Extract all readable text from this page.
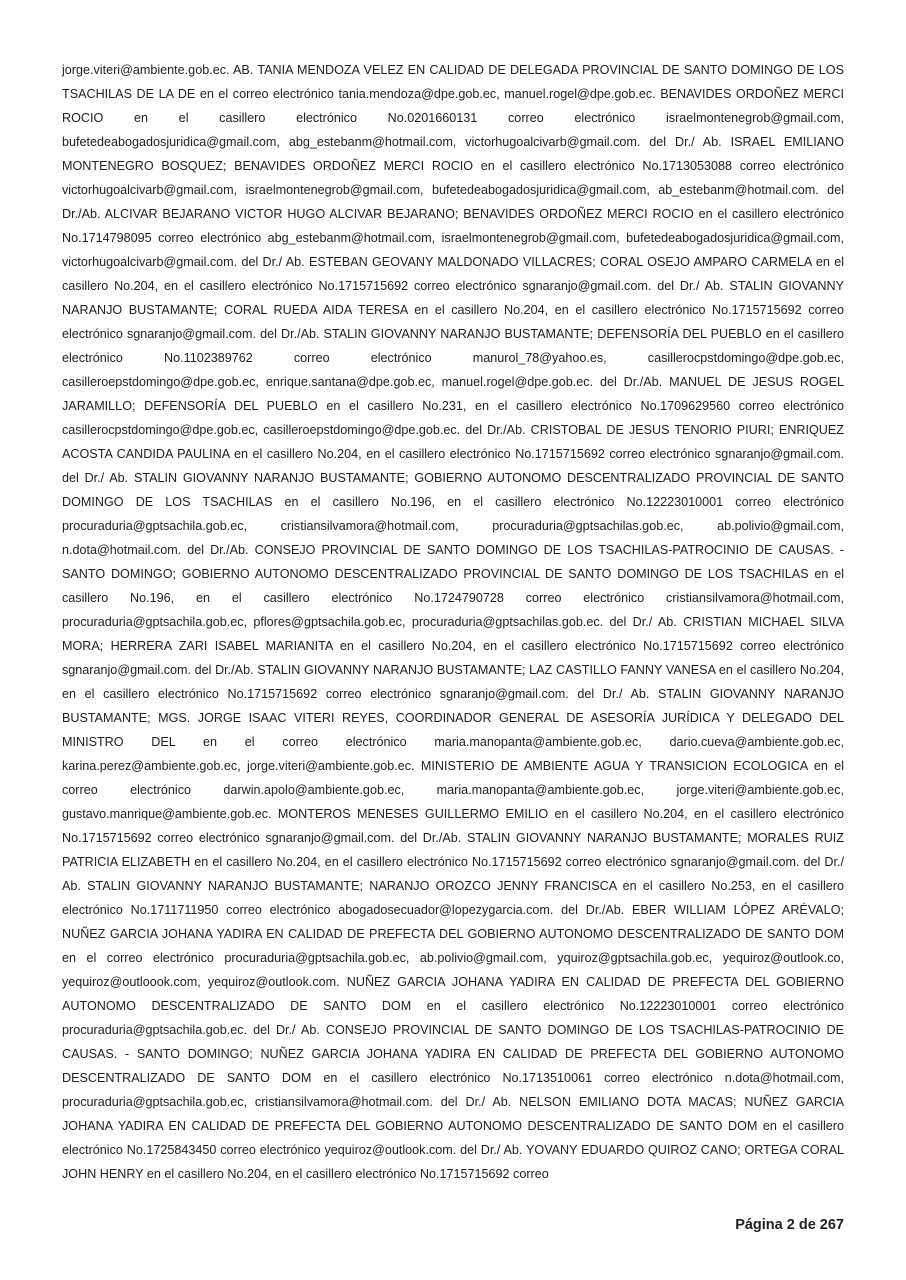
jorge.viteri@ambiente.gob.ec. AB. TANIA MENDOZA VELEZ EN CALIDAD DE DELEGADA PROVINCIAL DE SANTO DOMINGO DE LOS TSACHILAS DE LA DE en el correo electrónico tania.mendoza@dpe.gob.ec, manuel.rogel@dpe.gob.ec. BENAVIDES ORDOÑEZ MERCI ROCIO en el casillero electrónico No.0201660131 correo electrónico israelmontenegrob@gmail.com, bufetedeabogadosjuridica@gmail.com, abg_estebanm@hotmail.com, victorhugoalcivarb@gmail.com. del Dr./ Ab. ISRAEL EMILIANO MONTENEGRO BOSQUEZ; BENAVIDES ORDOÑEZ MERCI ROCIO en el casillero electrónico No.1713053088 correo electrónico victorhugoalcivarb@gmail.com, israelmontenegrob@gmail.com, bufetedeabogadosjuridica@gmail.com, ab_estebanm@hotmail.com. del Dr./Ab. ALCIVAR BEJARANO VICTOR HUGO ALCIVAR BEJARANO; BENAVIDES ORDOÑEZ MERCI ROCIO en el casillero electrónico No.1714798095 correo electrónico abg_estebanm@hotmail.com, israelmontenegrob@gmail.com, bufetedeabogadosjuridica@gmail.com, victorhugoalcivarb@gmail.com. del Dr./ Ab. ESTEBAN GEOVANY MALDONADO VILLACRES; CORAL OSEJO AMPARO CARMELA en el casillero No.204, en el casillero electrónico No.1715715692 correo electrónico sgnaranjo@gmail.com. del Dr./ Ab. STALIN GIOVANNY NARANJO BUSTAMANTE; CORAL RUEDA AIDA TERESA en el casillero No.204, en el casillero electrónico No.1715715692 correo electrónico sgnaranjo@gmail.com. del Dr./Ab. STALIN GIOVANNY NARANJO BUSTAMANTE; DEFENSORÍA DEL PUEBLO en el casillero electrónico No.1102389762 correo electrónico manurol_78@yahoo.es, casillerocpstdomingo@dpe.gob.ec, casilleroepstdomingo@dpe.gob.ec, enrique.santana@dpe.gob.ec, manuel.rogel@dpe.gob.ec. del Dr./Ab. MANUEL DE JESUS ROGEL JARAMILLO; DEFENSORÍA DEL PUEBLO en el casillero No.231, en el casillero electrónico No.1709629560 correo electrónico casillerocpstdomingo@dpe.gob.ec, casilleroepstdomingo@dpe.gob.ec. del Dr./Ab. CRISTOBAL DE JESUS TENORIO PIURI; ENRIQUEZ ACOSTA CANDIDA PAULINA en el casillero No.204, en el casillero electrónico No.1715715692 correo electrónico sgnaranjo@gmail.com. del Dr./ Ab. STALIN GIOVANNY NARANJO BUSTAMANTE; GOBIERNO AUTONOMO DESCENTRALIZADO PROVINCIAL DE SANTO DOMINGO DE LOS TSACHILAS en el casillero No.196, en el casillero electrónico No.12223010001 correo electrónico procuraduria@gptsachila.gob.ec, cristiansilvamora@hotmail.com, procuraduria@gptsachilas.gob.ec, ab.polivio@gmail.com, n.dota@hotmail.com. del Dr./Ab. CONSEJO PROVINCIAL DE SANTO DOMINGO DE LOS TSACHILAS-PATROCINIO DE CAUSAS. - SANTO DOMINGO; GOBIERNO AUTONOMO DESCENTRALIZADO PROVINCIAL DE SANTO DOMINGO DE LOS TSACHILAS en el casillero No.196, en el casillero electrónico No.1724790728 correo electrónico cristiansilvamora@hotmail.com, procuraduria@gptsachila.gob.ec, pflores@gptsachila.gob.ec, procuraduria@gptsachilas.gob.ec. del Dr./ Ab. CRISTIAN MICHAEL SILVA MORA; HERRERA ZARI ISABEL MARIANITA en el casillero No.204, en el casillero electrónico No.1715715692 correo electrónico sgnaranjo@gmail.com. del Dr./Ab. STALIN GIOVANNY NARANJO BUSTAMANTE; LAZ CASTILLO FANNY VANESA en el casillero No.204, en el casillero electrónico No.1715715692 correo electrónico sgnaranjo@gmail.com. del Dr./ Ab. STALIN GIOVANNY NARANJO BUSTAMANTE; MGS. JORGE ISAAC VITERI REYES, COORDINADOR GENERAL DE ASESORÍA JURÍDICA Y DELEGADO DEL MINISTRO DEL en el correo electrónico maria.manopanta@ambiente.gob.ec, dario.cueva@ambiente.gob.ec, karina.perez@ambiente.gob.ec, jorge.viteri@ambiente.gob.ec. MINISTERIO DE AMBIENTE AGUA Y TRANSICION ECOLOGICA en el correo electrónico darwin.apolo@ambiente.gob.ec, maria.manopanta@ambiente.gob.ec, jorge.viteri@ambiente.gob.ec, gustavo.manrique@ambiente.gob.ec. MONTEROS MENESES GUILLERMO EMILIO en el casillero No.204, en el casillero electrónico No.1715715692 correo electrónico sgnaranjo@gmail.com. del Dr./Ab. STALIN GIOVANNY NARANJO BUSTAMANTE; MORALES RUIZ PATRICIA ELIZABETH en el casillero No.204, en el casillero electrónico No.1715715692 correo electrónico sgnaranjo@gmail.com. del Dr./ Ab. STALIN GIOVANNY NARANJO BUSTAMANTE; NARANJO OROZCO JENNY FRANCISCA en el casillero No.253, en el casillero electrónico No.1711711950 correo electrónico abogadosecuador@lopezygarcia.com. del Dr./Ab. EBER WILLIAM LÓPEZ ARÉVALO; NUÑEZ GARCIA JOHANA YADIRA EN CALIDAD DE PREFECTA DEL GOBIERNO AUTONOMO DESCENTRALIZADO DE SANTO DOM en el correo electrónico procuraduria@gptsachila.gob.ec, ab.polivio@gmail.com, yquiroz@gptsachila.gob.ec, yequiroz@outlook.co, yequiroz@outloook.com, yequiroz@outlook.com. NUÑEZ GARCIA JOHANA YADIRA EN CALIDAD DE PREFECTA DEL GOBIERNO AUTONOMO DESCENTRALIZADO DE SANTO DOM en el casillero electrónico No.12223010001 correo electrónico procuraduria@gptsachila.gob.ec. del Dr./ Ab. CONSEJO PROVINCIAL DE SANTO DOMINGO DE LOS TSACHILAS-PATROCINIO DE CAUSAS. - SANTO DOMINGO; NUÑEZ GARCIA JOHANA YADIRA EN CALIDAD DE PREFECTA DEL GOBIERNO AUTONOMO DESCENTRALIZADO DE SANTO DOM en el casillero electrónico No.1713510061 correo electrónico n.dota@hotmail.com, procuraduria@gptsachila.gob.ec, cristiansilvamora@hotmail.com. del Dr./ Ab. NELSON EMILIANO DOTA MACAS; NUÑEZ GARCIA JOHANA YADIRA EN CALIDAD DE PREFECTA DEL GOBIERNO AUTONOMO DESCENTRALIZADO DE SANTO DOM en el casillero electrónico No.1725843450 correo electrónico yequiroz@outlook.com. del Dr./ Ab. YOVANY EDUARDO QUIROZ CANO; ORTEGA CORAL JOHN HENRY en el casillero No.204, en el casillero electrónico No.1715715692 correo

Página 2 de 267
